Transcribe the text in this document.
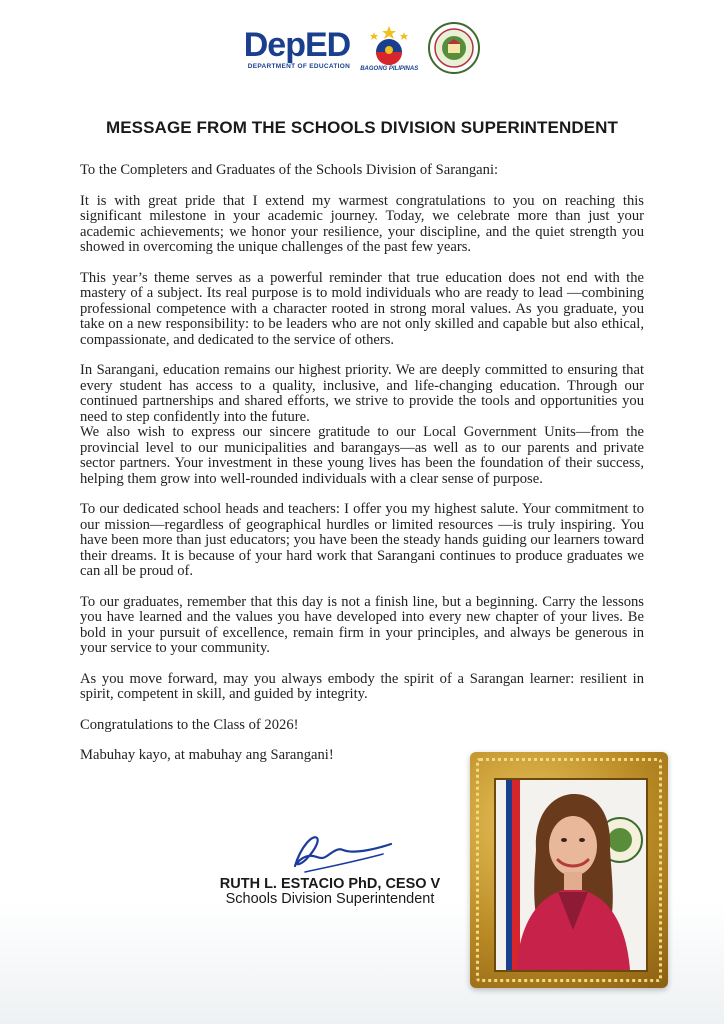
DepED
DEPARTMENT OF EDUCATION BAGONG PILIPINAS
MESSAGE FROM THE SCHOOLS DIVISION SUPERINTENDENT

To the Completers and Graduates of the Schools Division of Sarangani:

It is with great pride that I extend my warmest congratulations to you on reaching this significant milestone in your academic journey. Today, we celebrate more than just your academic achievements; we honor your resilience, your discipline, and the quiet strength you showed in overcoming the unique challenges of the past few years.

This year’s theme serves as a powerful reminder that true education does not end with the mastery of a subject. Its real purpose is to mold individuals who are ready to lead —combining professional competence with a character rooted in strong moral values. As you graduate, you take on a new responsibility: to be leaders who are not only skilled and capable but also ethical, compassionate, and dedicated to the service of others.

In Sarangani, education remains our highest priority. We are deeply committed to ensuring that every student has access to a quality, inclusive, and life-changing education. Through our continued partnerships and shared efforts, we strive to provide the tools and opportunities you need to step confidently into the future.

We also wish to express our sincere gratitude to our Local Government Units—from the provincial level to our municipalities and barangays—as well as to our parents and private sector partners. Your investment in these young lives has been the foundation of their success, helping them grow into well-rounded individuals with a clear sense of purpose.

To our dedicated school heads and teachers: I offer you my highest salute. Your commitment to our mission—regardless of geographical hurdles or limited resources —is truly inspiring. You have been more than just educators; you have been the steady hands guiding our learners toward their dreams. It is because of your hard work that Sarangani continues to produce graduates we can all be proud of.

To our graduates, remember that this day is not a finish line, but a beginning. Carry the lessons you have learned and the values you have developed into every new chapter of your lives. Be bold in your pursuit of excellence, remain firm in your principles, and always be generous in your service to your community.

As you move forward, may you always embody the spirit of a Sarangan learner: resilient in spirit, competent in skill, and guided by integrity.

Congratulations to the Class of 2026!

Mabuhay kayo, at mabuhay ang Sarangani!

RUTH L. ESTACIO PhD, CESO V
Schools Division Superintendent
